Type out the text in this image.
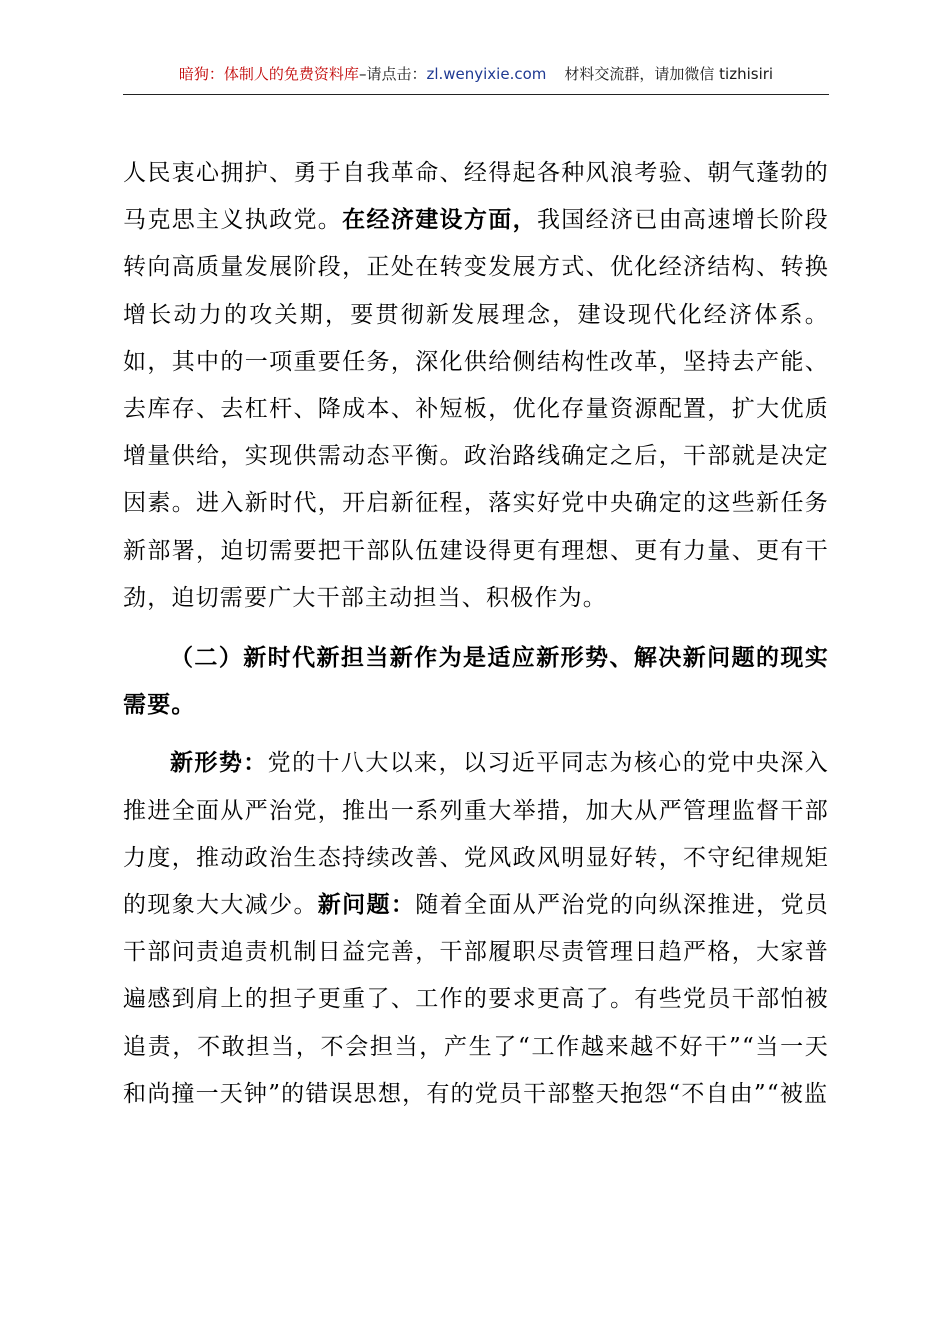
暗狗：体制人的免费资料库–请点击：zl.wenyixie.com 材料交流群，请加微信 tizhisiri

人民衷心拥护、勇于自我革命、经得起各种风浪考验、朝气蓬勃的马克思主义执政党。在经济建设方面，我国经济已由高速增长阶段转向高质量发展阶段，正处在转变发展方式、优化经济结构、转换增长动力的攻关期，要贯彻新发展理念，建设现代化经济体系。如，其中的一项重要任务，深化供给侧结构性改革，坚持去产能、去库存、去杠杆、降成本、补短板，优化存量资源配置，扩大优质增量供给，实现供需动态平衡。政治路线确定之后，干部就是决定因素。进入新时代，开启新征程，落实好党中央确定的这些新任务新部署，迫切需要把干部队伍建设得更有理想、更有力量、更有干劲，迫切需要广大干部主动担当、积极作为。

（二）新时代新担当新作为是适应新形势、解决新问题的现实需要。

新形势：党的十八大以来，以习近平同志为核心的党中央深入推进全面从严治党，推出一系列重大举措，加大从严管理监督干部力度，推动政治生态持续改善、党风政风明显好转，不守纪律规矩的现象大大减少。新问题：随着全面从严治党的向纵深推进，党员干部问责追责机制日益完善，干部履职尽责管理日趋严格，大家普遍感到肩上的担子更重了、工作的要求更高了。有些党员干部怕被追责，不敢担当，不会担当，产生了“工作越来越不好干”“当一天和尚撞一天钟”的错误思想，有的党员干部整天抱怨“不自由”“被监
